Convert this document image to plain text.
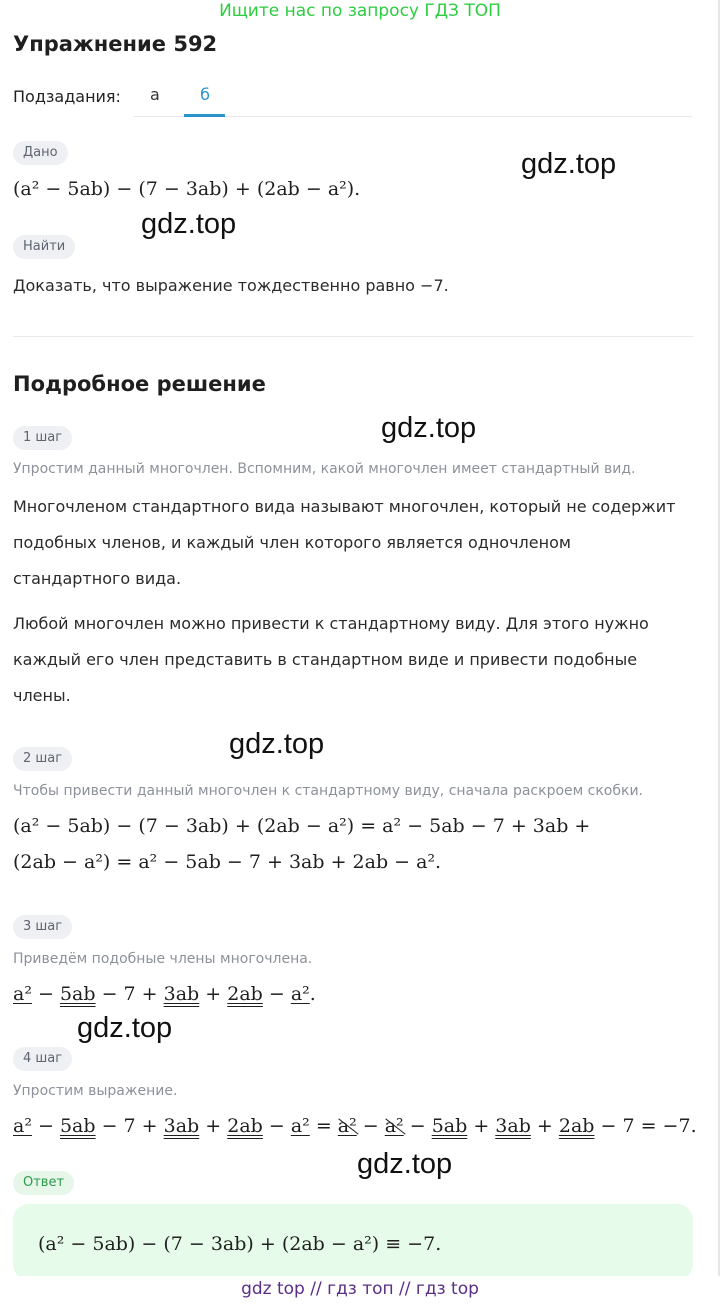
Ищите нас по запросу ГДЗ ТОП
Упражнение 592
Подзадания: а	б
Дано
(a² − 5ab) − (7 − 3ab) + (2ab − a²).
Найти
Доказать, что выражение тождественно равно −7.
Подробное решение
1 шаг
Упростим данный многочлен. Вспомним, какой многочлен имеет стандартный вид.
Многочленом стандартного вида называют многочлен, который не содержит подобных членов, и каждый член которого является одночленом стандартного вида.
Любой многочлен можно привести к стандартному виду. Для этого нужно каждый его член представить в стандартном виде и привести подобные члены.
2 шаг
Чтобы привести данный многочлен к стандартному виду, сначала раскроем скобки.
(a² − 5ab) − (7 − 3ab) + (2ab − a²) = a² − 5ab − 7 + 3ab +
(2ab − a²) = a² − 5ab − 7 + 3ab + 2ab − a².
3 шаг
Приведём подобные члены многочлена.
a² − 5ab − 7 + 3ab + 2ab − a².
4 шаг
Упростим выражение.
a² − 5ab − 7 + 3ab + 2ab − a² = a² − a² − 5ab + 3ab + 2ab − 7 = −7.
Ответ
(a² − 5ab) − (7 − 3ab) + (2ab − a²) ≡ −7.
gdz.top
gdz.top
gdz.top
gdz.top
gdz.top
gdz.top
gdz top // гдз топ // гдз top
